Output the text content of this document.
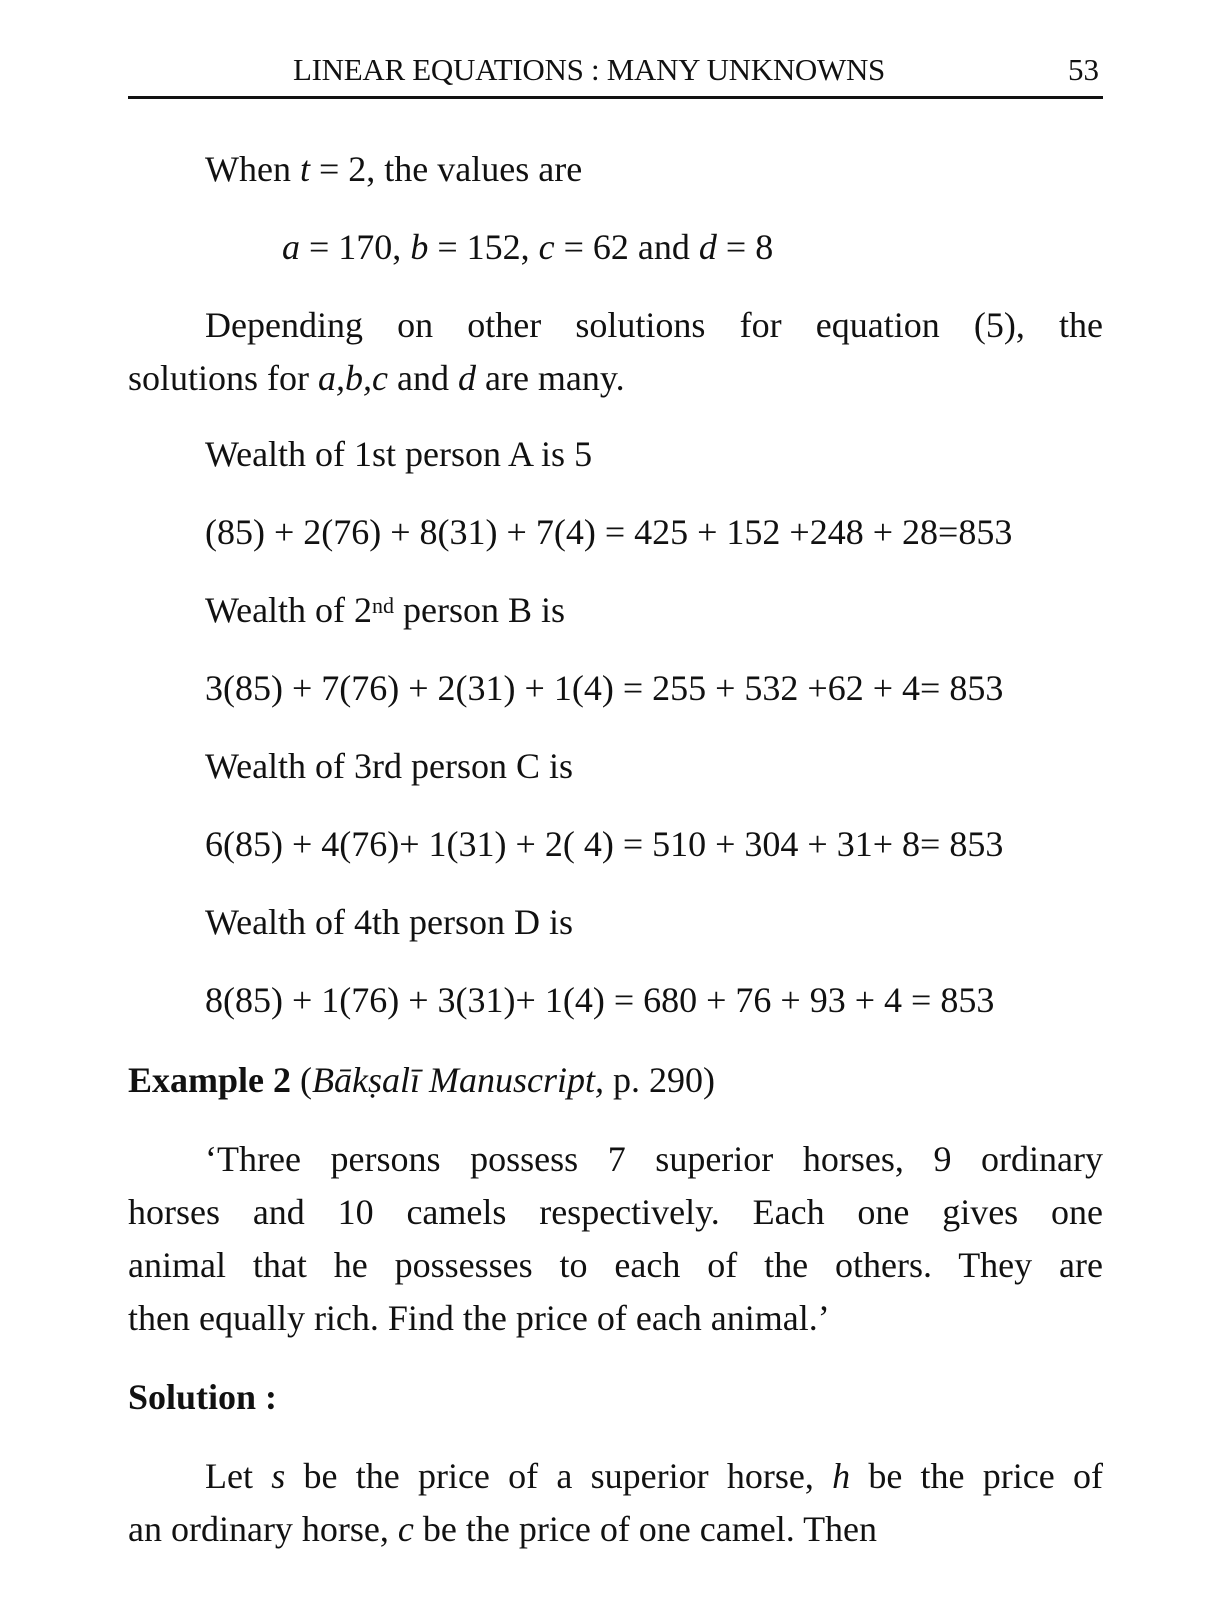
LINEAR EQUATIONS : MANY UNKNOWNS	53
When t = 2, the values are
a = 170, b = 152, c = 62 and d = 8
Depending on other solutions for equation (5), the
solutions for a,b,c and d are many.
Wealth of 1st person A is 5
(85) + 2(76) + 8(31) + 7(4) = 425 + 152 +248 + 28=853
Wealth of 2nd person B is
3(85) + 7(76) + 2(31) + 1(4) = 255 + 532 +62 + 4= 853
Wealth of 3rd person C is
6(85) + 4(76)+ 1(31) + 2( 4) = 510 + 304 + 31+ 8= 853
Wealth of 4th person D is
8(85) + 1(76) + 3(31)+ 1(4) = 680 + 76 + 93 + 4 = 853
Example 2 (Bākṣalī Manuscript, p. 290)
‘Three persons possess 7 superior horses, 9 ordinary
horses and 10 camels respectively. Each one gives one
animal that he possesses to each of the others. They are
then equally rich. Find the price of each animal.’
Solution :
Let s be the price of a superior horse, h be the price of
an ordinary horse, c be the price of one camel. Then
